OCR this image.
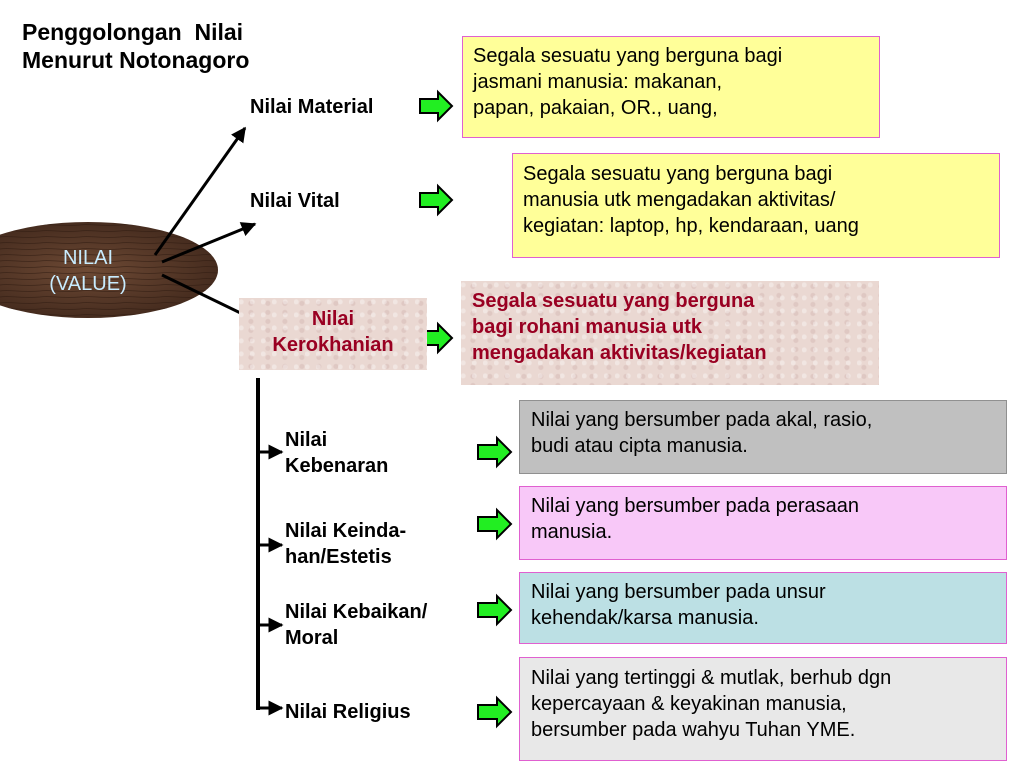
Penggolongan  Nilai
Menurut Notonagoro
NILAI
(VALUE)
Nilai Material
Nilai Vital
Nilai
Kerokhanian
Segala sesuatu yang berguna bagi
jasmani manusia: makanan,
papan, pakaian, OR., uang,
Segala sesuatu yang berguna bagi
manusia utk mengadakan aktivitas/
kegiatan: laptop, hp, kendaraan, uang
Segala sesuatu yang berguna
bagi rohani manusia utk
mengadakan aktivitas/kegiatan
Nilai
Kebenaran
Nilai Keinda-
han/Estetis
Nilai Kebaikan/
Moral
Nilai Religius
Nilai yang bersumber pada akal, rasio,
budi atau cipta manusia.
Nilai yang bersumber pada perasaan
manusia.
Nilai yang bersumber pada unsur
kehendak/karsa manusia.
Nilai yang tertinggi & mutlak, berhub dgn
kepercayaan & keyakinan manusia,
bersumber pada wahyu Tuhan YME.
